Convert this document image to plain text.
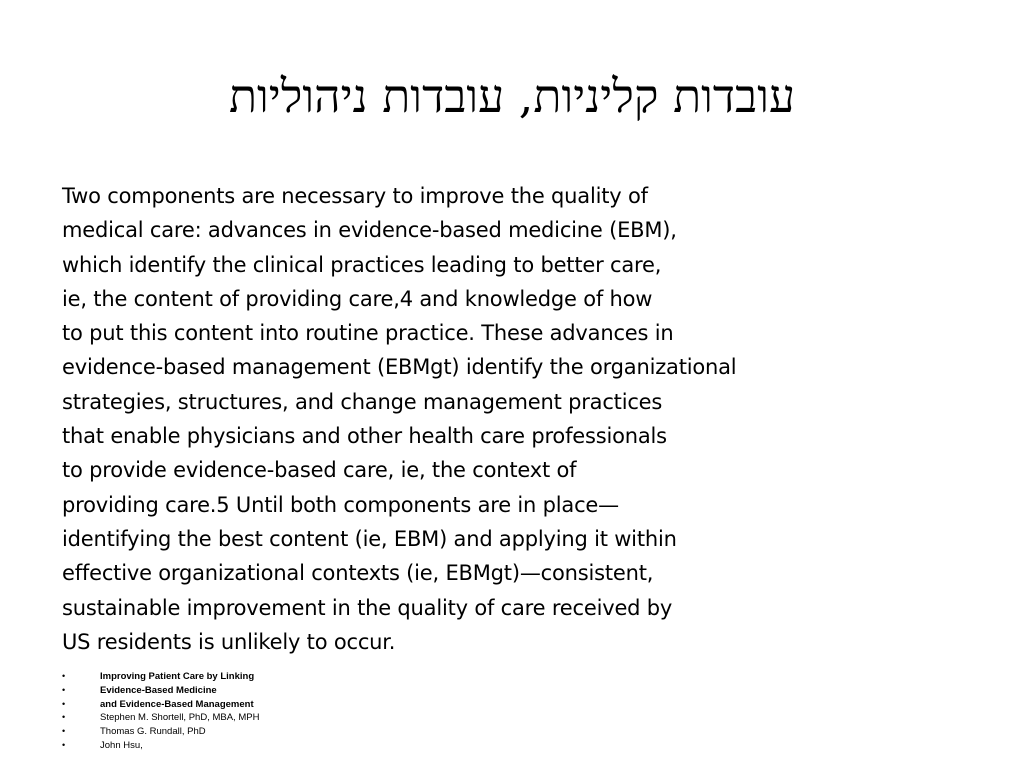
עובדות קליניות, עובדות ניהוליות
Two components are necessary to improve the quality of
medical care: advances in evidence-based medicine (EBM),
which identify the clinical practices leading to better care,
ie, the content of providing care,4 and knowledge of how
to put this content into routine practice. These advances in
evidence-based management (EBMgt) identify the organizational
strategies, structures, and change management practices
that enable physicians and other health care professionals
to provide evidence-based care, ie, the context of
providing care.5 Until both components are in place—
identifying the best content (ie, EBM) and applying it within
effective organizational contexts (ie, EBMgt)—consistent,
sustainable improvement in the quality of care received by
US residents is unlikely to occur.
•	Improving Patient Care by Linking
•	Evidence-Based Medicine
•	and Evidence-Based Management
•	Stephen M. Shortell, PhD, MBA, MPH
•	Thomas G. Rundall, PhD
•	John Hsu,
